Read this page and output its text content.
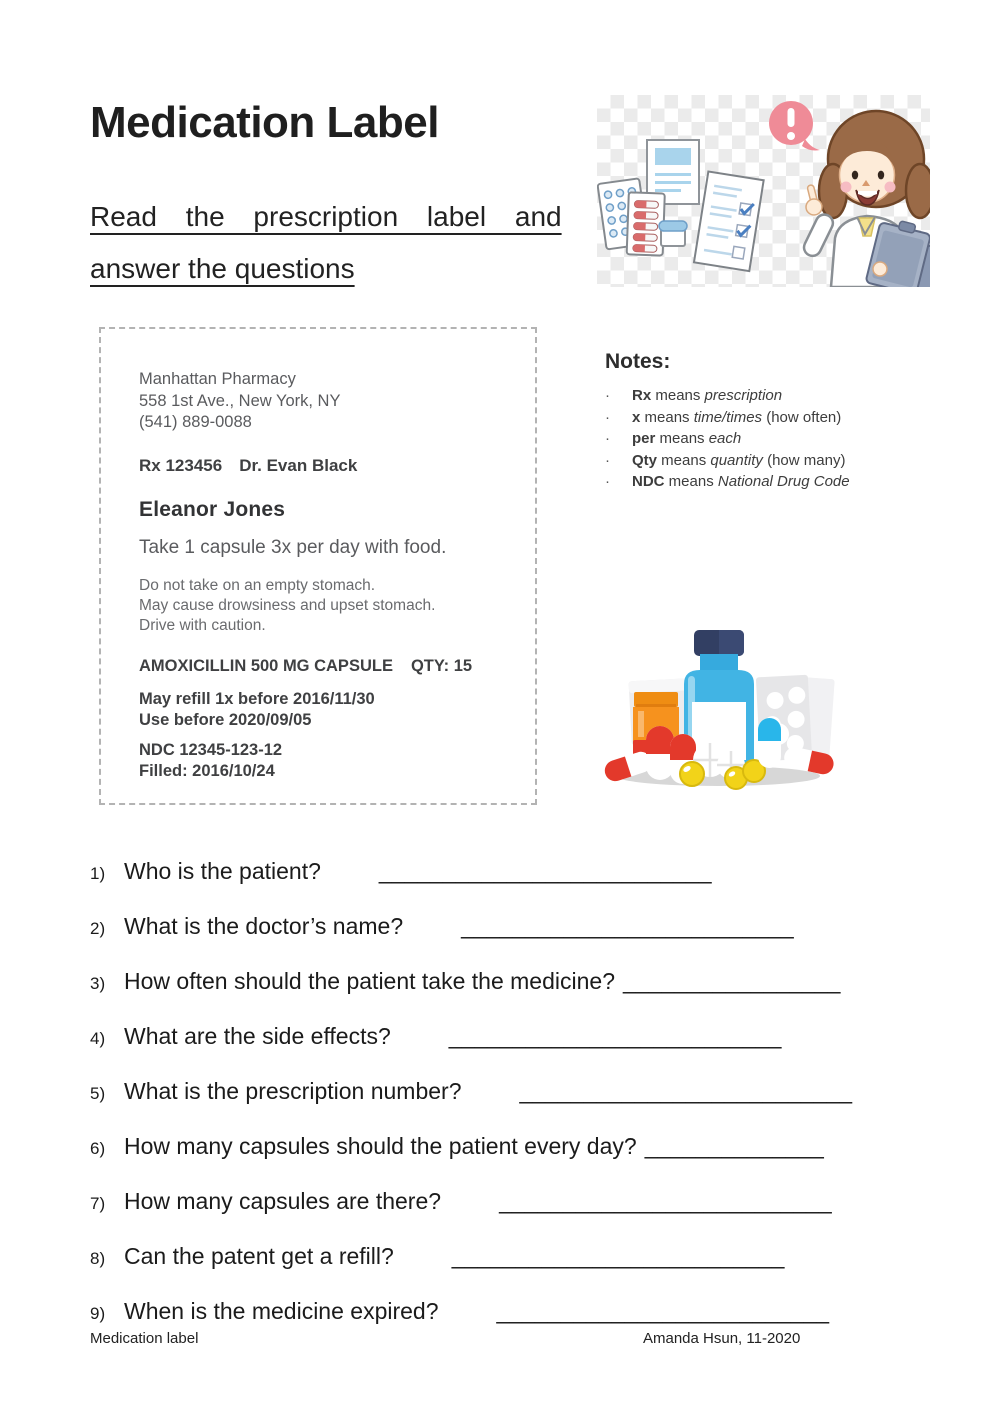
Medication Label
Read the prescription label and
answer the questions
Manhattan Pharmacy
558 1st Ave., New York, NY
(541) 889-0088
Rx 123456 Dr. Evan Black
Eleanor Jones
Take 1 capsule 3x per day with food.
Do not take on an empty stomach.
May cause drowsiness and upset stomach.
Drive with caution.
AMOXICILLIN 500 MG CAPSULE QTY: 15
May refill 1x before 2016/11/30
Use before 2020/09/05
NDC 12345-123-12
Filled: 2016/10/24
Notes:
·	Rx means prescription
·	x means time/times (how often)
·	per means each
·	Qty means quantity (how many)
·	NDC means National Drug Code
1) Who is the patient?	__________________________
2) What is the doctor’s name?	__________________________
3) How often should the patient take the medicine? _________________
4) What are the side effects?	__________________________
5) What is the prescription number?	__________________________
6) How many capsules should the patient every day? ______________
7) How many capsules are there?	__________________________
8) Can the patent get a refill?	__________________________
9) When is the medicine expired?	__________________________
Medication label	Amanda Hsun, 11-2020
